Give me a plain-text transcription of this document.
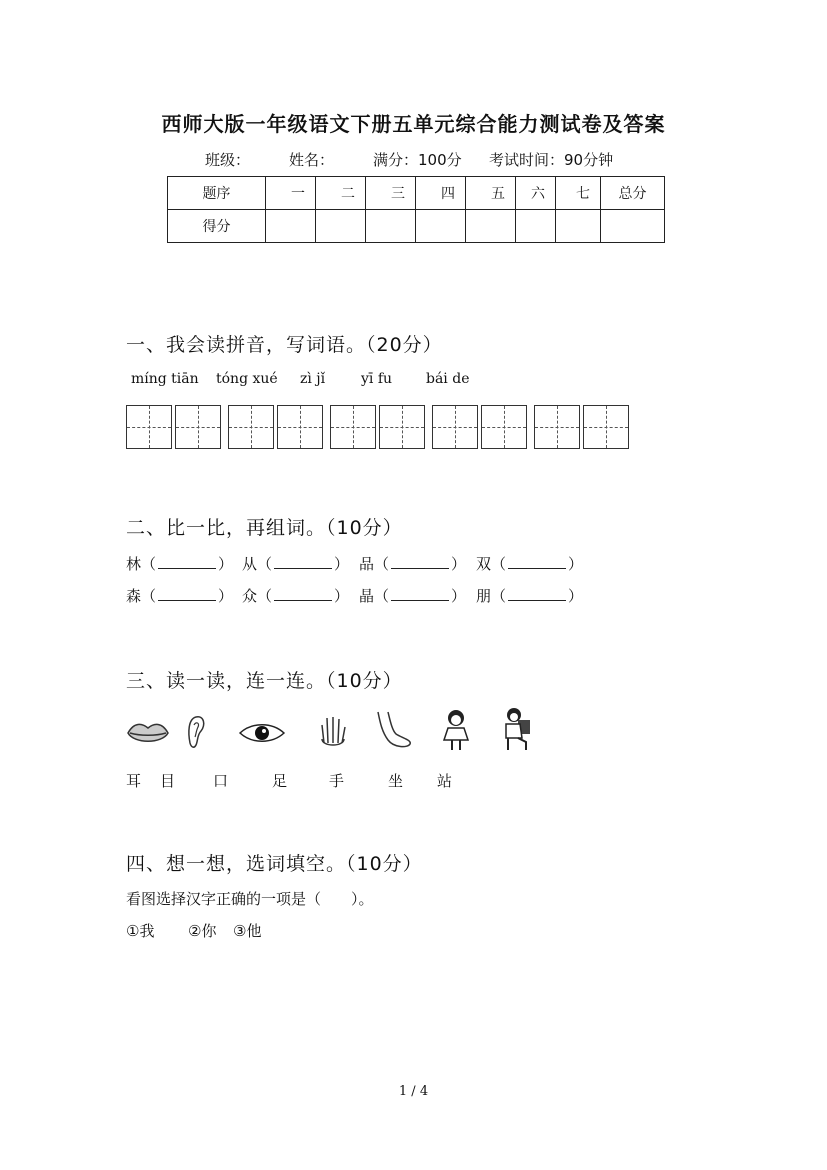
西师大版一年级语文下册五单元综合能力测试卷及答案
班级：	姓名：	满分：100分 考试时间：90分钟
题序	一	二	三	四	五	六	七	总分
得分								
一、我会读拼音，写词语。（20分）
míng tiān tóng xué zì jǐ	yī fu bái de
二、比一比，再组词。（10分）
林（	） 从（	） 品（	） 双（	）
森（	） 众（	） 晶（	） 朋（	）
三、读一读，连一连。（10分）
耳 目	口	足	手	坐 站
四、想一想，选词填空。（10分）
看图选择汉字正确的一项是（　　）。
①我 ②你 ③他
1 / 4
